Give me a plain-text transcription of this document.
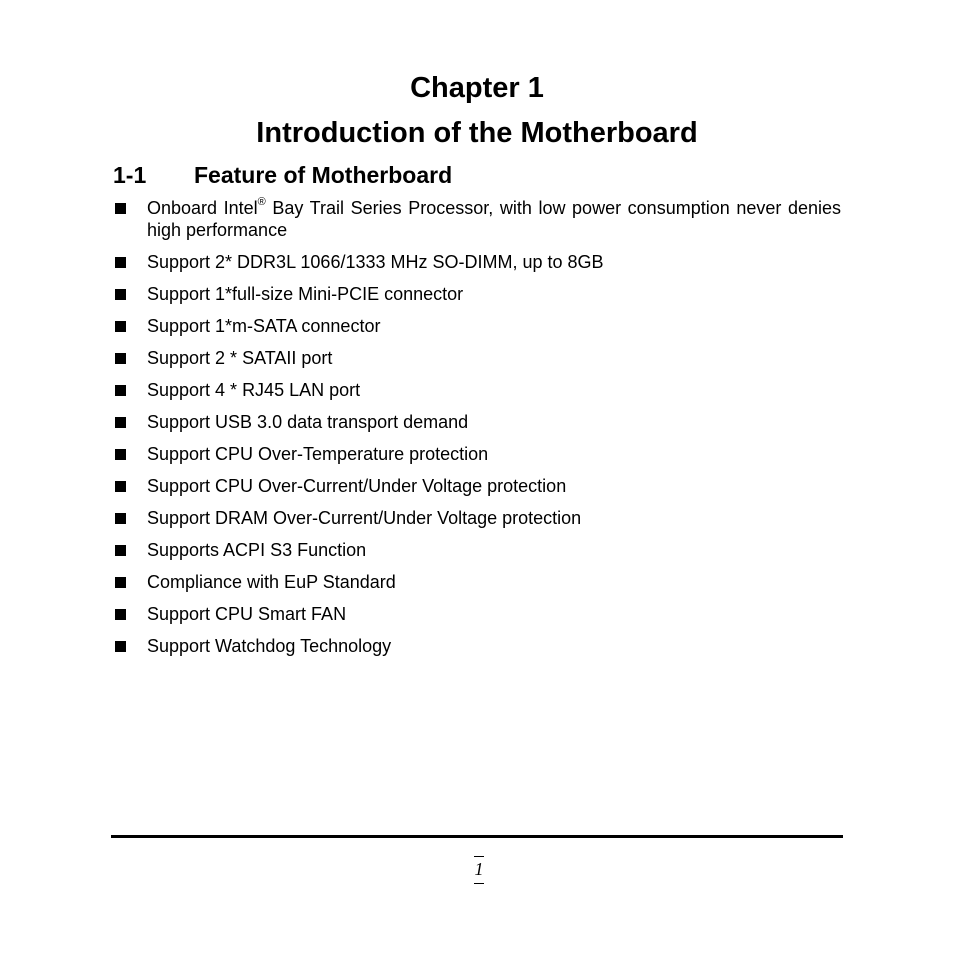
Chapter 1
Introduction of the Motherboard
1-1 Feature of Motherboard
Onboard Intel® Bay Trail Series Processor, with low power consumption never denies high performance
Support 2* DDR3L 1066/1333 MHz SO-DIMM, up to 8GB
Support 1*full-size Mini-PCIE connector
Support 1*m-SATA connector
Support 2 * SATAII port
Support 4 * RJ45 LAN port
Support USB 3.0 data transport demand
Support CPU Over-Temperature protection
Support CPU Over-Current/Under Voltage protection
Support DRAM Over-Current/Under Voltage protection
Supports ACPI S3 Function
Compliance with EuP Standard
Support CPU Smart FAN
Support Watchdog Technology
1
